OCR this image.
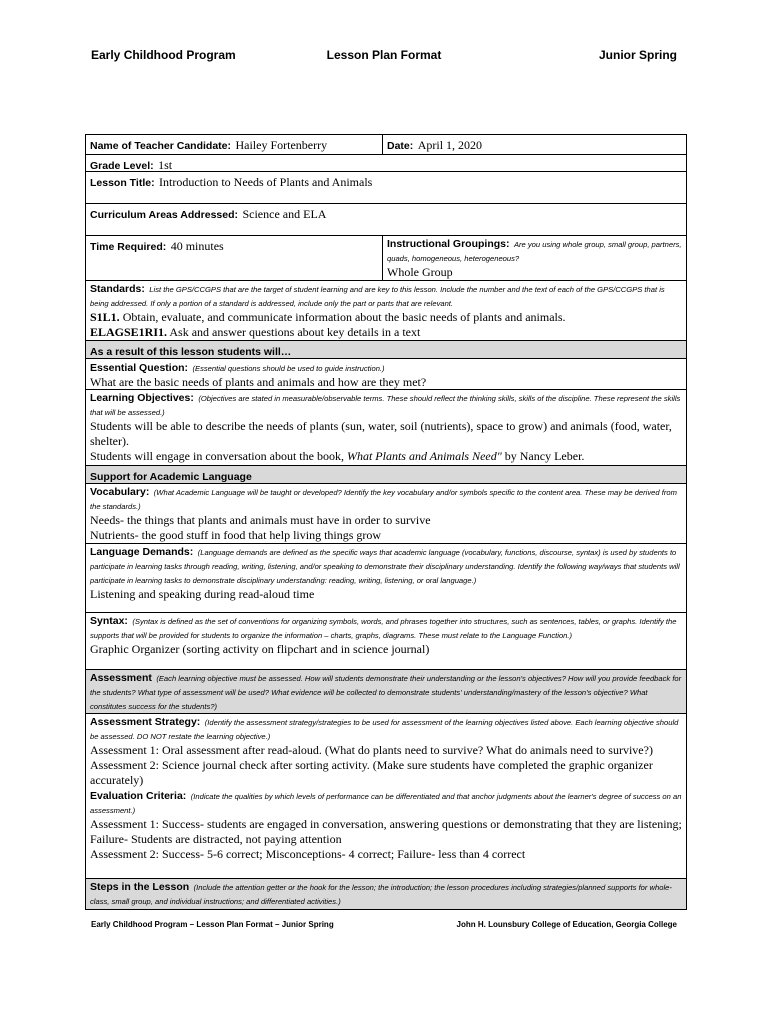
Early Childhood Program	Lesson Plan Format	Junior Spring
Name of Teacher Candidate: Hailey Fortenberry	Date: April 1, 2020
Grade Level: 1st
Lesson Title: Introduction to Needs of Plants and Animals
Curriculum Areas Addressed: Science and ELA
Time Required: 40 minutes	Instructional Groupings: Are you using whole group, small group, partners, quads, homogeneous, heterogeneous?
Whole Group
Standards: List the GPS/CCGPS that are the target of student learning and are key to this lesson. Include the number and the text of each of the GPS/CCGPS that is being addressed. If only a portion of a standard is addressed, include only the part or parts that are relevant.
S1L1. Obtain, evaluate, and communicate information about the basic needs of plants and animals.
ELAGSE1RI1. Ask and answer questions about key details in a text
As a result of this lesson students will…
Essential Question: (Essential questions should be used to guide instruction.)
What are the basic needs of plants and animals and how are they met?
Learning Objectives: (Objectives are stated in measurable/observable terms. These should reflect the thinking skills, skills of the discipline. These represent the skills that will be assessed.)
Students will be able to describe the needs of plants (sun, water, soil (nutrients), space to grow) and animals (food, water, shelter).
Students will engage in conversation about the book, What Plants and Animals Need" by Nancy Leber.
Support for Academic Language
Vocabulary: (What Academic Language will be taught or developed? Identify the key vocabulary and/or symbols specific to the content area. These may be derived from the standards.)
Needs- the things that plants and animals must have in order to survive
Nutrients- the good stuff in food that help living things grow
Language Demands: (Language demands are defined as the specific ways that academic language (vocabulary, functions, discourse, syntax) is used by students to participate in learning tasks through reading, writing, listening, and/or speaking to demonstrate their disciplinary understanding. Identify the following way/ways that students will participate in learning tasks to demonstrate disciplinary understanding: reading, writing, listening, or oral language.)
Listening and speaking during read-aloud time
Syntax: (Syntax is defined as the set of conventions for organizing symbols, words, and phrases together into structures, such as sentences, tables, or graphs. Identify the supports that will be provided for students to organize the information – charts, graphs, diagrams. These must relate to the Language Function.)
Graphic Organizer (sorting activity on flipchart and in science journal)
Assessment (Each learning objective must be assessed. How will students demonstrate their understanding or the lesson's objectives? How will you provide feedback for the students? What type of assessment will be used? What evidence will be collected to demonstrate students' understanding/mastery of the lesson's objective? What constitutes success for the students?)
Assessment Strategy: (Identify the assessment strategy/strategies to be used for assessment of the learning objectives listed above. Each learning objective should be assessed. DO NOT restate the learning objective.)
Assessment 1: Oral assessment after read-aloud. (What do plants need to survive? What do animals need to survive?)
Assessment 2: Science journal check after sorting activity. (Make sure students have completed the graphic organizer accurately)
Evaluation Criteria: (Indicate the qualities by which levels of performance can be differentiated and that anchor judgments about the learner's degree of success on an assessment.)
Assessment 1: Success- students are engaged in conversation, answering questions or demonstrating that they are listening; Failure- Students are distracted, not paying attention
Assessment 2: Success- 5-6 correct; Misconceptions- 4 correct; Failure- less than 4 correct
Steps in the Lesson (Include the attention getter or the hook for the lesson; the introduction; the lesson procedures including strategies/planned supports for whole-class, small group, and individual instructions; and differentiated activities.)
Early Childhood Program – Lesson Plan Format – Junior Spring	John H. Lounsbury College of Education, Georgia College
